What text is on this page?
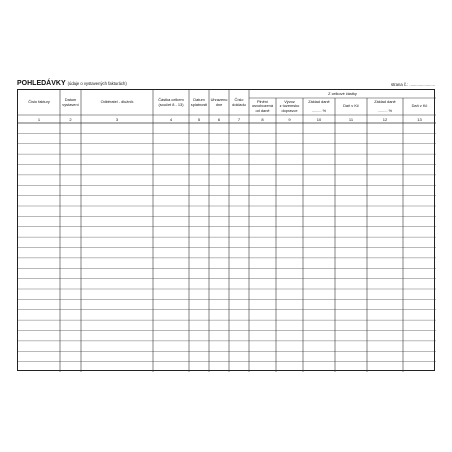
POHLEDÁVKY (údaje o vystavených fakturách)	strana č.: ......................
Z celkové částky
Číslo faktury
1
Datum
vystavení
2
Odběratel - dlužník
3
Částka celkem
(součet 8 - 13)
4
Datum
splatnosti
5
Uhrazeno
dne
6
Číslo
dokladu
7
Plnění
osvobozená
od daně
8
Vývoz
z tuzemsko
dopravce
9
Základ daně

......... %
10
Daň v Kč
11
Základ daně

......... %
12
Daň v Kč
13
